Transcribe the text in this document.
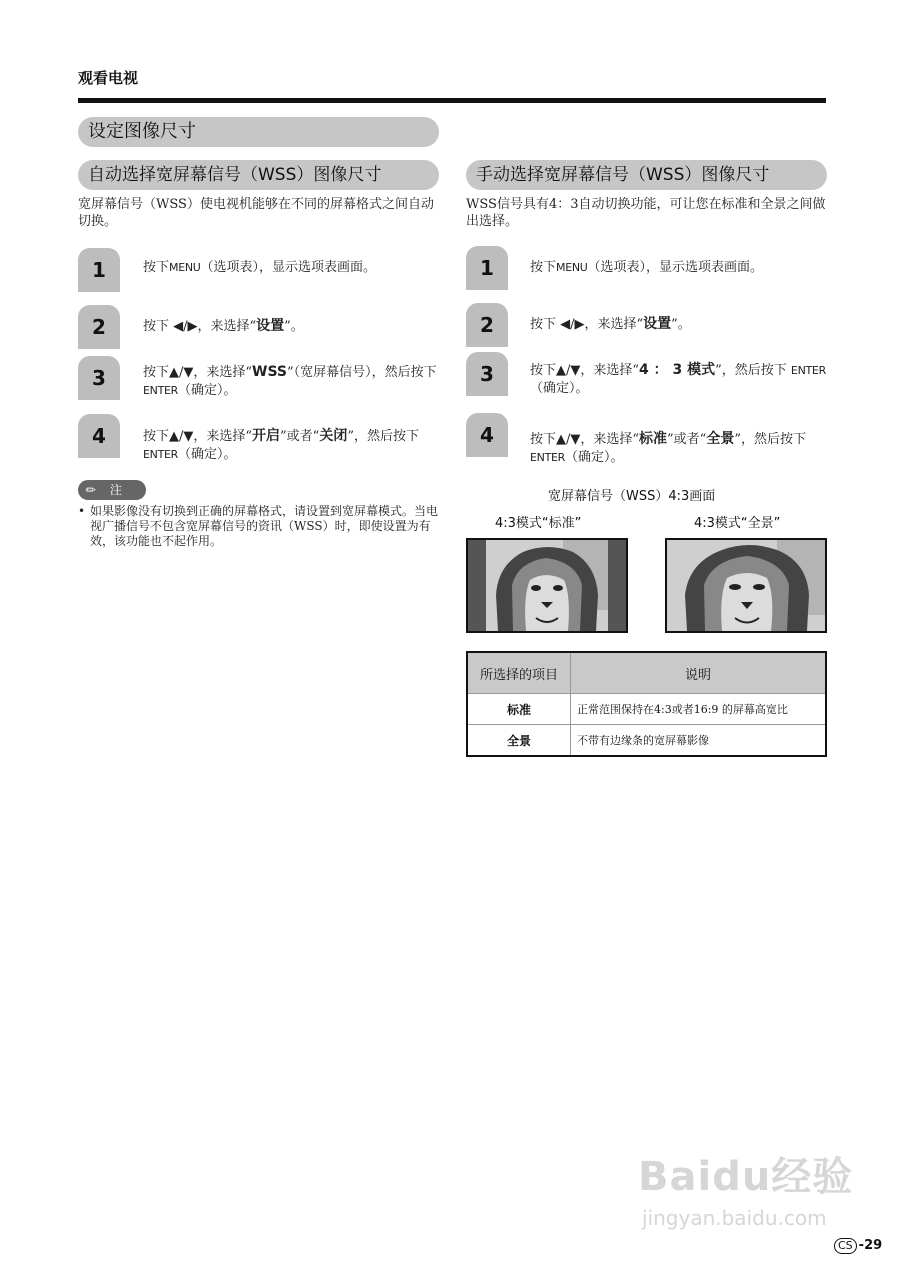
观看电视
设定图像尺寸
自动选择宽屏幕信号（WSS）图像尺寸
宽屏幕信号（WSS）使电视机能够在不同的屏幕格式之间自动切换。
1	按下MENU（选项表），显示选项表画面。
2	按下 ◀/▶，来选择“设置”。
3	按下▲/▼，来选择“WSS”（宽屏幕信号），然后按下 ENTER（确定）。
4	按下▲/▼，来选择“开启”或者“关闭”，然后按下 ENTER（确定）。
✎ 注
• 如果影像没有切换到正确的屏幕格式，请设置到宽屏幕模式。当电视广播信号不包含宽屏幕信号的资讯（WSS）时，即使设置为有效，该功能也不起作用。
手动选择宽屏幕信号（WSS）图像尺寸
WSS信号具有4：3自动切换功能，可让您在标准和全景之间做出选择。
1	按下MENU（选项表），显示选项表画面。
2	按下 ◀/▶，来选择“设置”。
3	按下▲/▼，来选择“4 ： 3 模式”，然后按下 ENTER（确定）。
4	按下▲/▼，来选择“标准”或者“全景”，然后按下 ENTER（确定）。
宽屏幕信号（WSS）4:3画面
4:3模式“标准”	4:3模式“全景”
所选择的项目	说明
标准	正常范围保持在4:3或者16:9 的屏幕高宽比
全景	不带有边缘条的宽屏幕影像
Baidu经验
jingyan.baidu.com
CS -29
